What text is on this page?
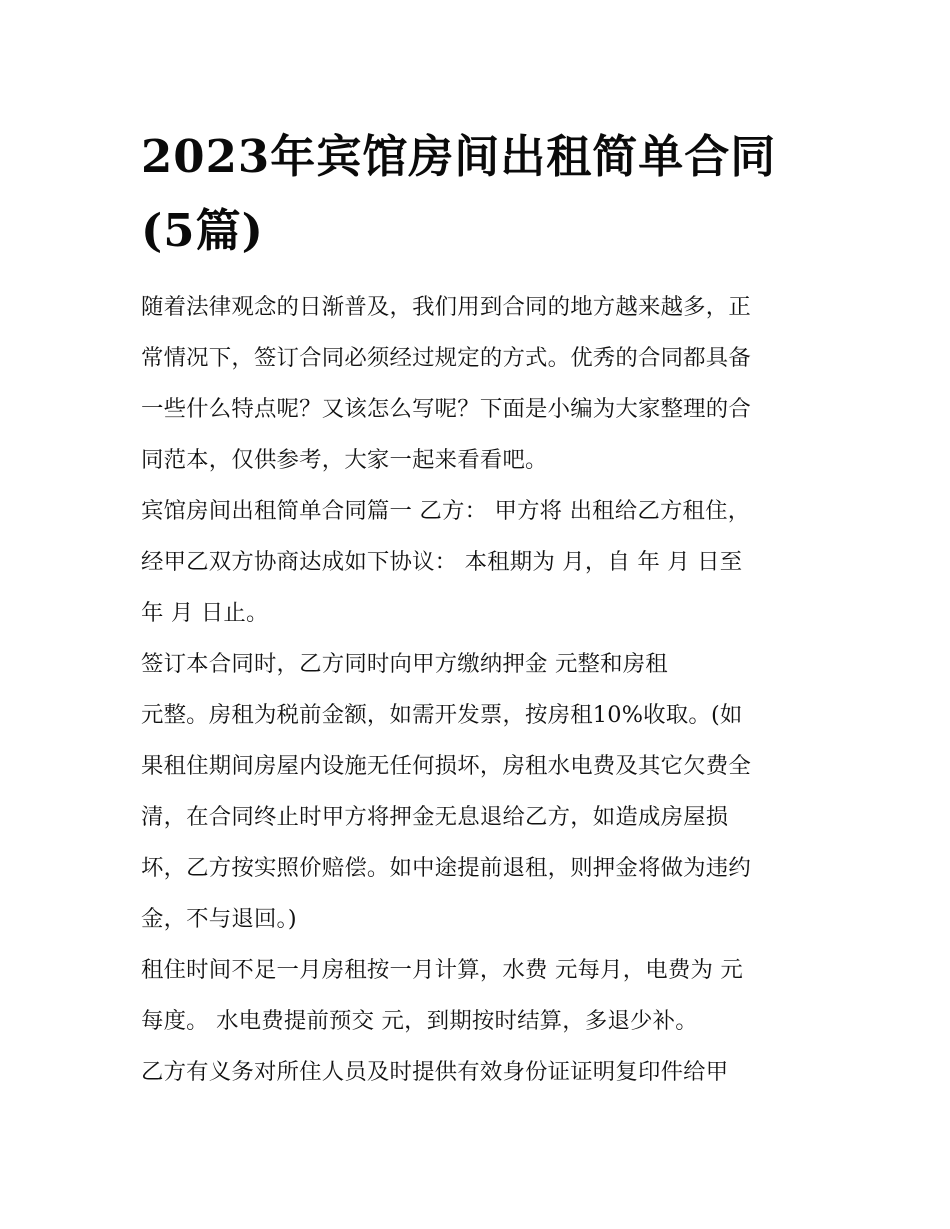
2023年宾馆房间出租简单合同
(5篇)

随着法律观念的日渐普及，我们用到合同的地方越来越多，正
常情况下，签订合同必须经过规定的方式。优秀的合同都具备
一些什么特点呢？又该怎么写呢？下面是小编为大家整理的合
同范本，仅供参考，大家一起来看看吧。

宾馆房间出租简单合同篇一 乙方： 甲方将 出租给乙方租住，
经甲乙双方协商达成如下协议： 本租期为 月，自 年 月 日至
年 月 日止。

签订本合同时，乙方同时向甲方缴纳押金 元整和房租
元整。房租为税前金额，如需开发票，按房租10%收取。(如
果租住期间房屋内设施无任何损坏，房租水电费及其它欠费全
清，在合同终止时甲方将押金无息退给乙方，如造成房屋损
坏，乙方按实照价赔偿。如中途提前退租，则押金将做为违约
金，不与退回。)

租住时间不足一月房租按一月计算，水费 元每月，电费为 元
每度。 水电费提前预交 元，到期按时结算，多退少补。

乙方有义务对所住人员及时提供有效身份证证明复印件给甲
